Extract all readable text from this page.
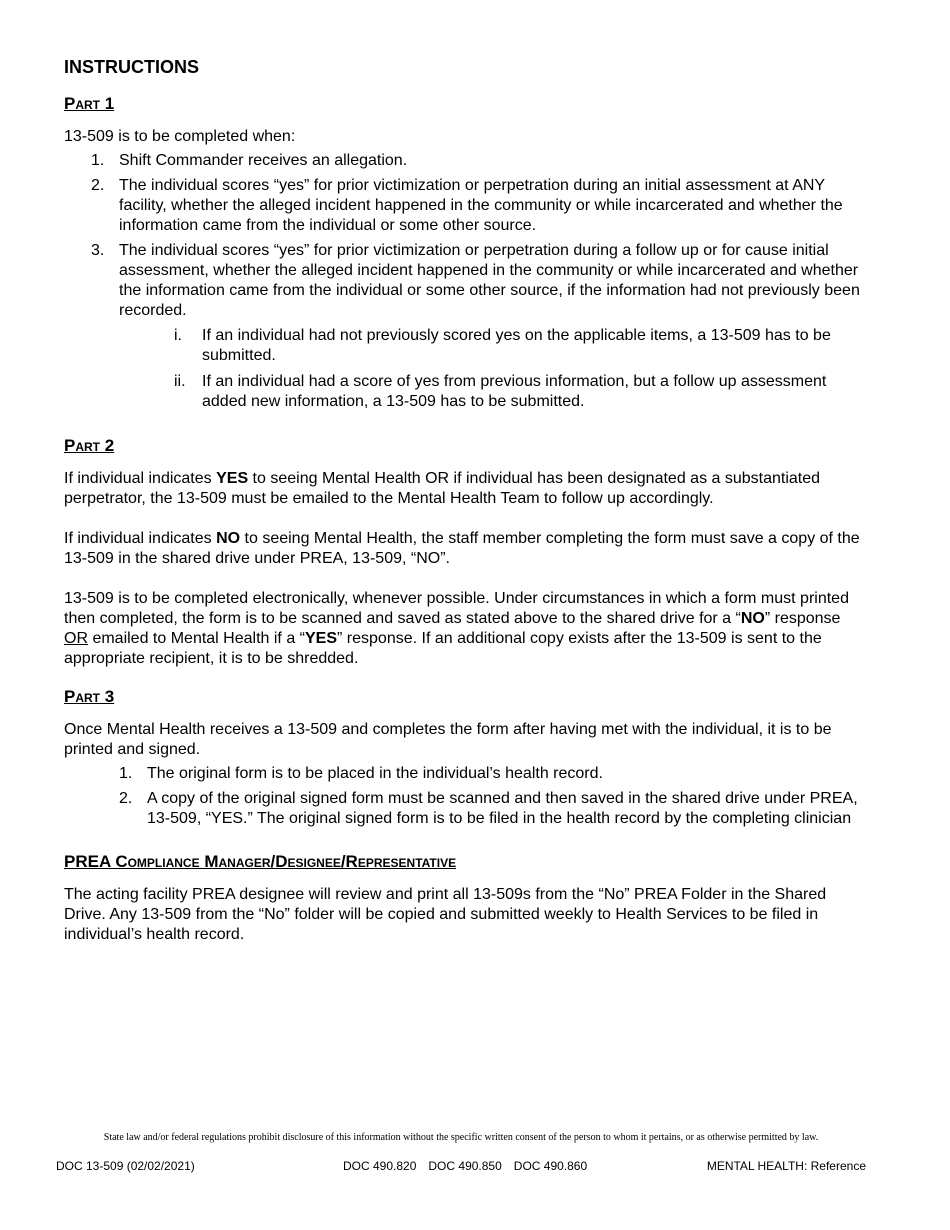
INSTRUCTIONS
Part 1

13-509 is to be completed when:

1. Shift Commander receives an allegation.
2. The individual scores “yes” for prior victimization or perpetration during an initial assessment at ANY facility, whether the alleged incident happened in the community or while incarcerated and whether the information came from the individual or some other source.
3. The individual scores “yes” for prior victimization or perpetration during a follow up or for cause initial assessment, whether the alleged incident happened in the community or while incarcerated and whether the information came from the individual or some other source, if the information had not previously been recorded.
i. If an individual had not previously scored yes on the applicable items, a 13-509 has to be submitted.
ii. If an individual had a score of yes from previous information, but a follow up assessment added new information, a 13-509 has to be submitted.
Part 2

If individual indicates YES to seeing Mental Health OR if individual has been designated as a substantiated perpetrator, the 13-509 must be emailed to the Mental Health Team to follow up accordingly.

If individual indicates NO to seeing Mental Health, the staff member completing the form must save a copy of the 13-509 in the shared drive under PREA, 13-509, “NO”.

13-509 is to be completed electronically, whenever possible. Under circumstances in which a form must printed then completed, the form is to be scanned and saved as stated above to the shared drive for a “NO” response OR emailed to Mental Health if a “YES” response. If an additional copy exists after the 13-509 is sent to the appropriate recipient, it is to be shredded.

Part 3

Once Mental Health receives a 13-509 and completes the form after having met with the individual, it is to be printed and signed.

1. The original form is to be placed in the individual’s health record.
2. A copy of the original signed form must be scanned and then saved in the shared drive under PREA, 13-509, “YES.” The original signed form is to be filed in the health record by the completing clinician
PREA Compliance Manager/Designee/Representative

The acting facility PREA designee will review and print all 13-509s from the “No” PREA Folder in the Shared Drive. Any 13-509 from the “No” folder will be copied and submitted weekly to Health Services to be filed in individual’s health record.

State law and/or federal regulations prohibit disclosure of this information without the specific written consent of the person to whom it pertains, or as otherwise permitted by law.
DOC 13-509 (02/02/2021)	DOC 490.820 DOC 490.850 DOC 490.860	MENTAL HEALTH: Reference
